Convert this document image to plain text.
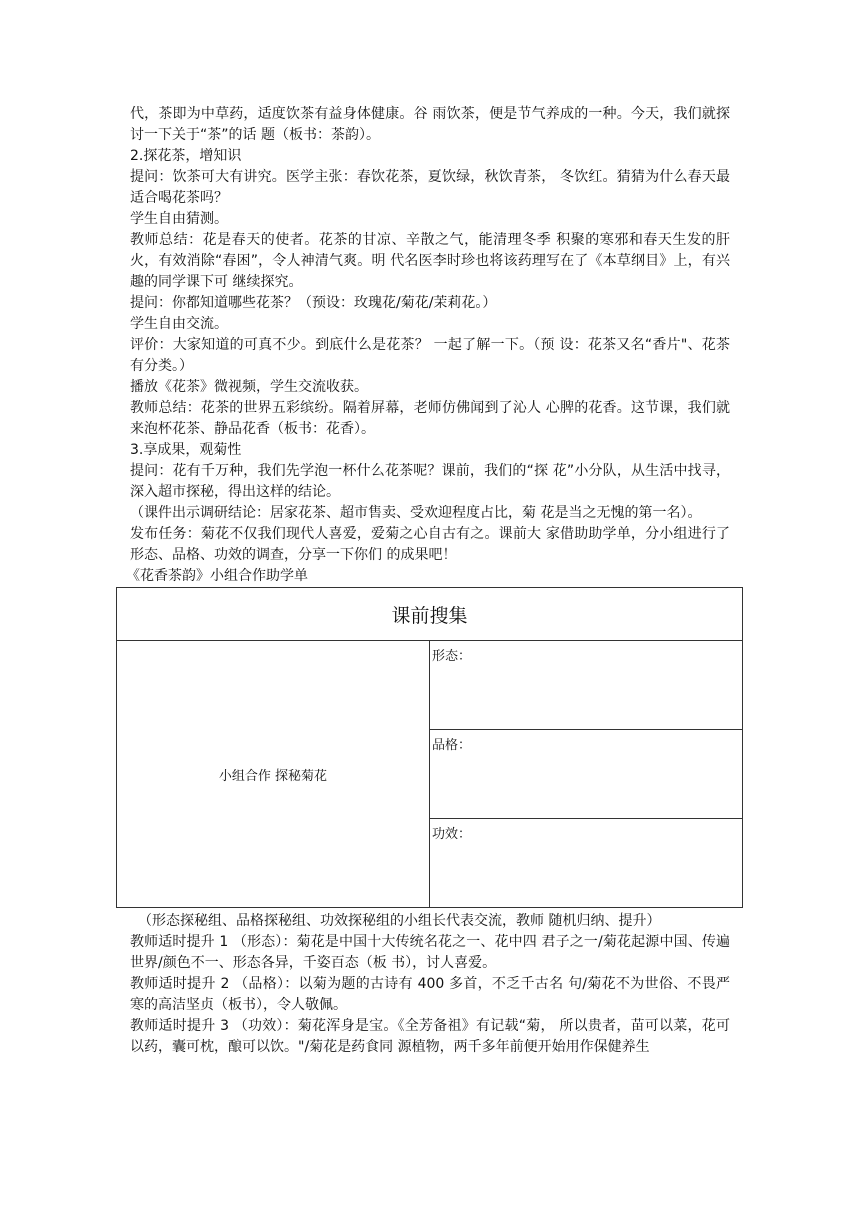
代，茶即为中草药，适度饮茶有益身体健康。谷 雨饮茶，便是节气养成的一种。今天，我们就探讨一下关于“茶”的话 题（板书：茶韵）。

2.探花茶，增知识

提问：饮茶可大有讲究。医学主张：春饮花茶，夏饮绿，秋饮青茶， 冬饮红。猜猜为什么春天最适合喝花茶吗？

学生自由猜测。

教师总结：花是春天的使者。花茶的甘凉、辛散之气，能清理冬季 积聚的寒邪和春天生发的肝火，有效消除“春困”，令人神清气爽。明 代名医李时珍也将该药理写在了《本草纲目》上，有兴趣的同学课下可 继续探究。

提问：你都知道哪些花茶？（预设：玫瑰花/菊花/茉莉花。）

学生自由交流。

评价：大家知道的可真不少。到底什么是花茶？ 一起了解一下。（预 设：花茶又名“香片"、花茶有分类。）

播放《花茶》微视频，学生交流收获。

教师总结：花茶的世界五彩缤纷。隔着屏幕，老师仿佛闻到了沁人 心脾的花香。这节课，我们就来泡杯花茶、静品花香（板书：花香）。

3.享成果，观菊性

提问：花有千万种，我们先学泡一杯什么花茶呢？课前，我们的“探 花”小分队，从生活中找寻，深入超市探秘，得出这样的结论。

（课件出示调研结论：居家花茶、超市售卖、受欢迎程度占比，菊 花是当之无愧的第一名）。

发布任务：菊花不仅我们现代人喜爱，爱菊之心自古有之。课前大 家借助助学单，分小组进行了形态、品格、功效的调查，分享一下你们 的成果吧！

《花香茶韵》小组合作助学单

课前搜集
小组合作 探秘菊花	形态：
品格：
功效：

（形态探秘组、品格探秘组、功效探秘组的小组长代表交流，教师 随机归纳、提升）

教师适时提升 1 （形态）：菊花是中国十大传统名花之一、花中四 君子之一/菊花起源中国、传遍世界/颜色不一、形态各异，千姿百态（板 书），讨人喜爱。

教师适时提升 2 （品格）：以菊为题的古诗有 400 多首，不乏千古名 句/菊花不为世俗、不畏严寒的高洁坚贞（板书），令人敬佩。

教师适时提升 3 （功效）：菊花浑身是宝。《全芳备祖》有记载“菊， 所以贵者，苗可以菜，花可以药，囊可枕，酿可以饮。"/菊花是药食同 源植物，两千多年前便开始用作保健养生
